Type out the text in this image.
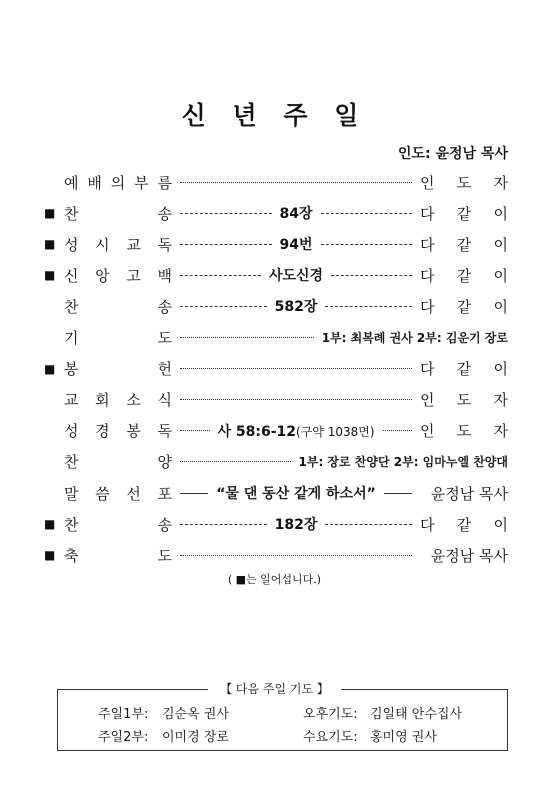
신 년 주 일
인도: 윤정남 목사
예 배 의 부 름	인 도 자
■ 찬	송	84장	다 같 이
■ 성 시 교 독	94번	다 같 이
■ 신 앙 고 백	사도신경	다 같 이
찬	송	582장	다 같 이
기	도	1부: 최복례 권사 2부: 김운기 장로
■ 봉	헌	다 같 이
교 회 소 식	인 도 자
성 경 봉 독	사 58:6-12(구약 1038면)	인 도 자
찬	양	1부: 장로 찬양단 2부: 임마누엘 찬양대
말 씀 선 포	“물 댄 동산 같게 하소서”	윤정남 목사
■ 찬	송	182장	다 같 이
■ 축	도	윤정남 목사
( ■는 일어섭니다.)
【 다음 주일 기도 】
주일1부: 김순옥 권사	오후기도: 김일태 안수집사
주일2부: 이미경 장로	수요기도: 홍미영 권사
